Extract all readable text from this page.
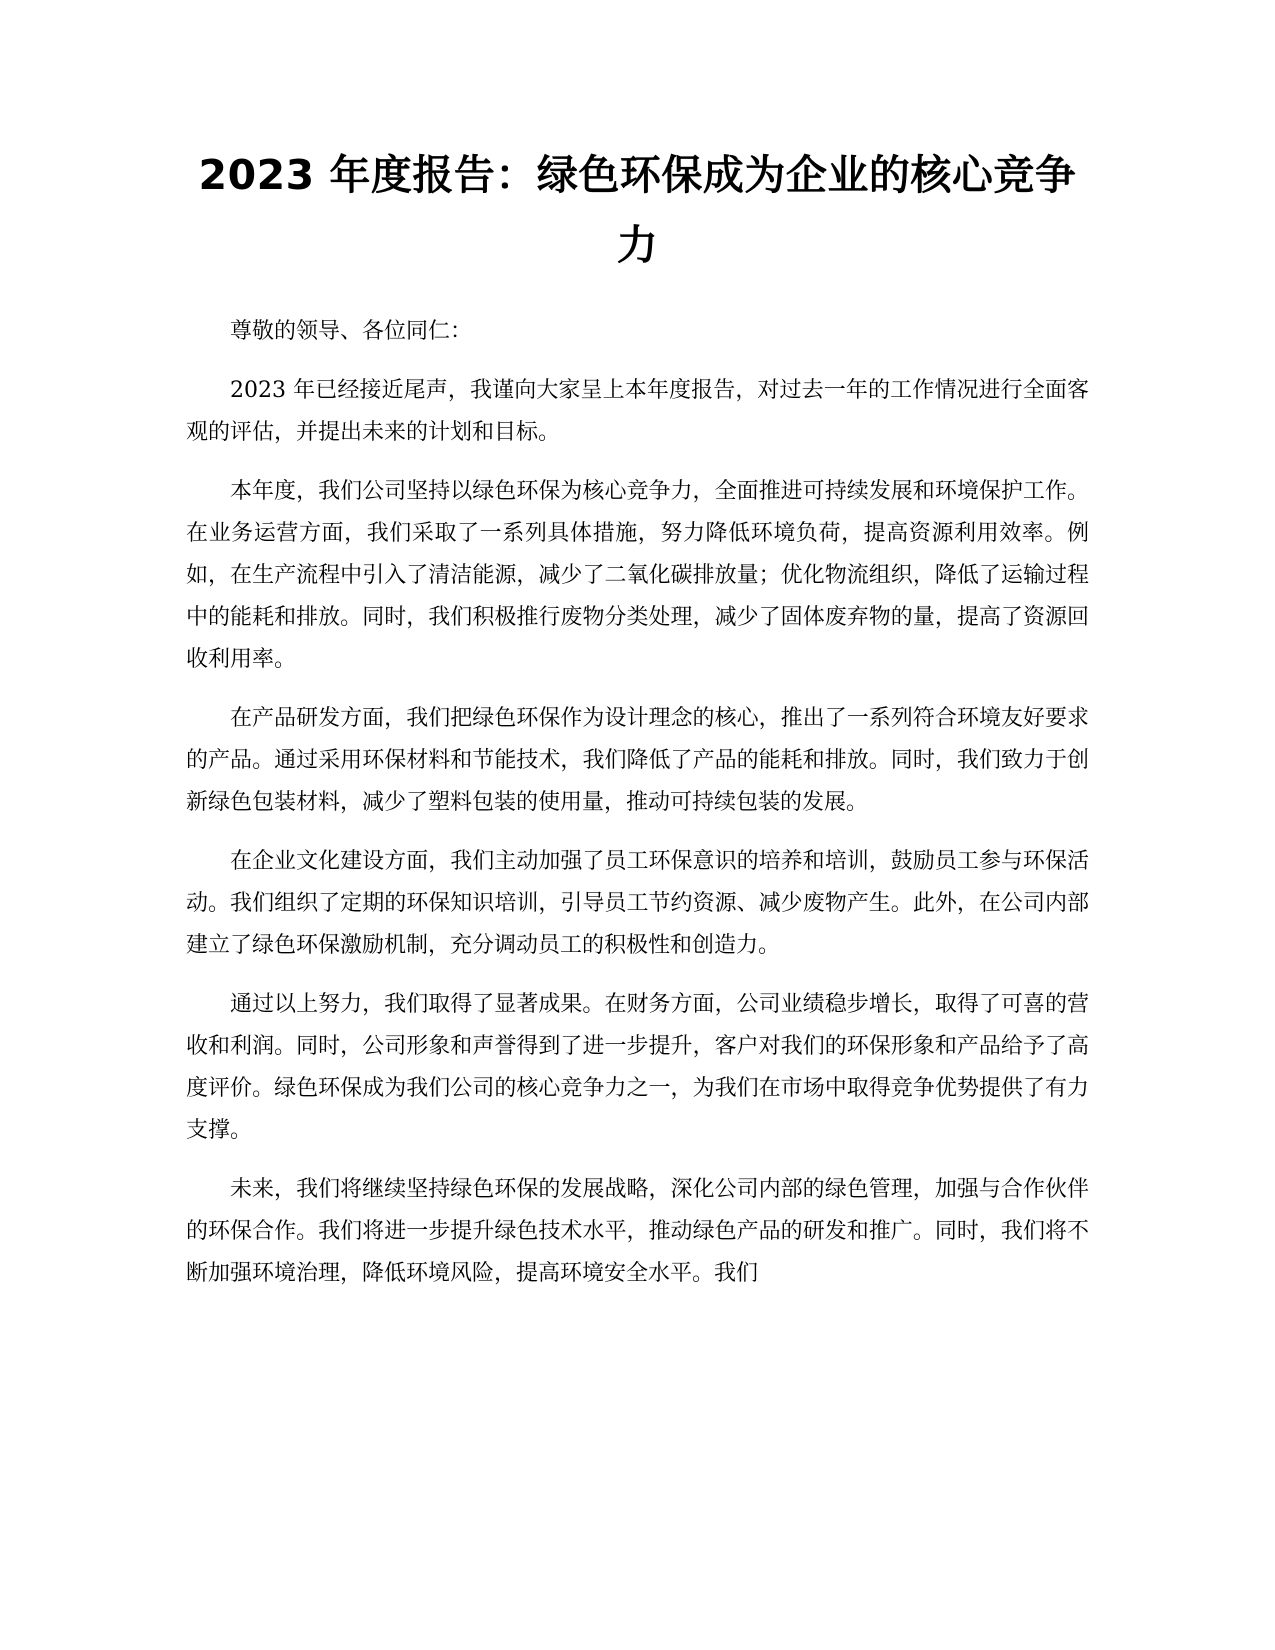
2023 年度报告：绿色环保成为企业的核心竞争力

尊敬的领导、各位同仁：

2023 年已经接近尾声，我谨向大家呈上本年度报告，对过去一年的工作情况进行全面客观的评估，并提出未来的计划和目标。

本年度，我们公司坚持以绿色环保为核心竞争力，全面推进可持续发展和环境保护工作。在业务运营方面，我们采取了一系列具体措施，努力降低环境负荷，提高资源利用效率。例如，在生产流程中引入了清洁能源，减少了二氧化碳排放量；优化物流组织，降低了运输过程中的能耗和排放。同时，我们积极推行废物分类处理，减少了固体废弃物的量，提高了资源回收利用率。

在产品研发方面，我们把绿色环保作为设计理念的核心，推出了一系列符合环境友好要求的产品。通过采用环保材料和节能技术，我们降低了产品的能耗和排放。同时，我们致力于创新绿色包装材料，减少了塑料包装的使用量，推动可持续包装的发展。

在企业文化建设方面，我们主动加强了员工环保意识的培养和培训，鼓励员工参与环保活动。我们组织了定期的环保知识培训，引导员工节约资源、减少废物产生。此外，在公司内部建立了绿色环保激励机制，充分调动员工的积极性和创造力。

通过以上努力，我们取得了显著成果。在财务方面，公司业绩稳步增长，取得了可喜的营收和利润。同时，公司形象和声誉得到了进一步提升，客户对我们的环保形象和产品给予了高度评价。绿色环保成为我们公司的核心竞争力之一，为我们在市场中取得竞争优势提供了有力支撑。

未来，我们将继续坚持绿色环保的发展战略，深化公司内部的绿色管理，加强与合作伙伴的环保合作。我们将进一步提升绿色技术水平，推动绿色产品的研发和推广。同时，我们将不断加强环境治理，降低环境风险，提高环境安全水平。我们
